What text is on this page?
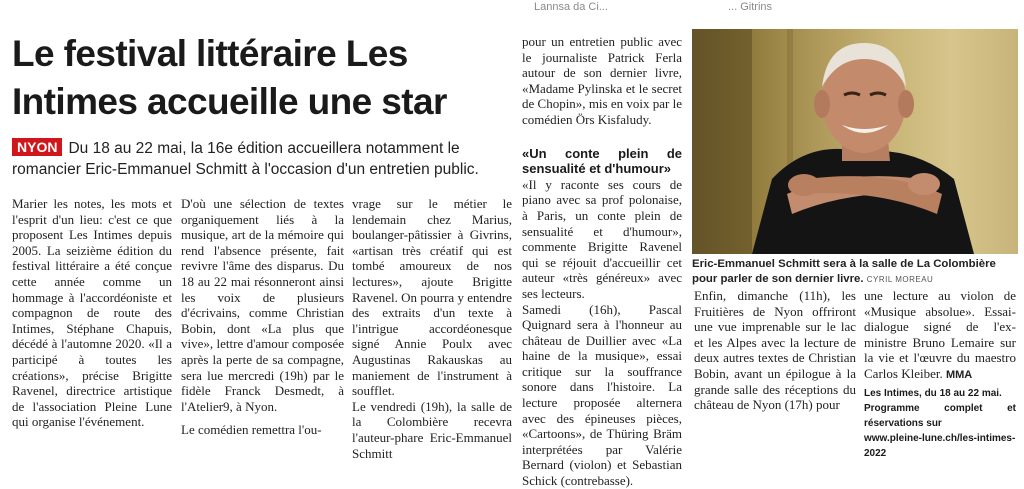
Lannsa da Ci...	... Gitrins
Le festival littéraire Les Intimes accueille une star

NYON Du 18 au 22 mai, la 16e édition accueillera notamment le romancier Eric-Emmanuel Schmitt à l'occasion d'un entretien public.

Marier les notes, les mots et l'esprit d'un lieu: c'est ce que proposent Les Intimes depuis 2005. La seizième édition du festival littéraire a été conçue cette année comme un hommage à l'accordéoniste et compagnon de route des Intimes, Stéphane Chapuis, décédé à l'automne 2020. «Il a participé à toutes les créations», précise Brigitte Ravenel, directrice artistique de l'association Pleine Lune qui organise l'événement.

D'où une sélection de textes organiquement liés à la musique, art de la mémoire qui rend l'absence présente, fait revivre l'âme des disparus. Du 18 au 22 mai résonneront ainsi les voix de plusieurs d'écrivains, comme Christian Bobin, dont «La plus que vive», lettre d'amour composée après la perte de sa compagne, sera lue mercredi (19h) par le fidèle Franck Desmedt, à l'Atelier9, à Nyon.

Le comédien remettra l'ou-

vrage sur le métier le lendemain chez Marius, boulanger-pâtissier à Givrins, «artisan très créatif qui est tombé amoureux de nos lectures», ajoute Brigitte Ravenel. On pourra y entendre des extraits d'un texte à l'intrigue accordéonesque signé Annie Poulx avec Augustinas Rakauskas au maniement de l'instrument à soufflet.

Le vendredi (19h), la salle de la Colombière recevra l'auteur-phare Eric-Emmanuel Schmitt

pour un entretien public avec le journaliste Patrick Ferla autour de son dernier livre, «Madame Pylinska et le secret de Chopin», mis en voix par le comédien Örs Kisfaludy.

«Un conte plein de sensualité et d'humour»

«Il y raconte ses cours de piano avec sa prof polonaise, à Paris, un conte plein de sensualité et d'humour», commente Brigitte Ravenel qui se réjouit d'accueillir cet auteur «très généreux» avec ses lecteurs.

Samedi (16h), Pascal Quignard sera à l'honneur au château de Duillier avec «La haine de la musique», essai critique sur la souffrance sonore dans l'histoire. La lecture proposée alternera avec des épineuses pièces, «Cartoons», de Thüring Bräm interprétées par Valérie Bernard (violon) et Sebastian Schick (contrebasse).

Eric-Emmanuel Schmitt sera à la salle de La Colombière pour parler de son dernier livre. CYRIL MOREAU

Enfin, dimanche (11h), les Fruitières de Nyon offriront une vue imprenable sur le lac et les Alpes avec la lecture de deux autres textes de Christian Bobin, avant un épilogue à la grande salle des réceptions du château de Nyon (17h) pour

une lecture au violon de «Musique absolue». Essai-dialogue signé de l'ex-ministre Bruno Lemaire sur la vie et l'œuvre du maestro Carlos Kleiber. MMA

Les Intimes, du 18 au 22 mai.
Programme complet et réservations sur
www.pleine-lune.ch/les-intimes-2022
